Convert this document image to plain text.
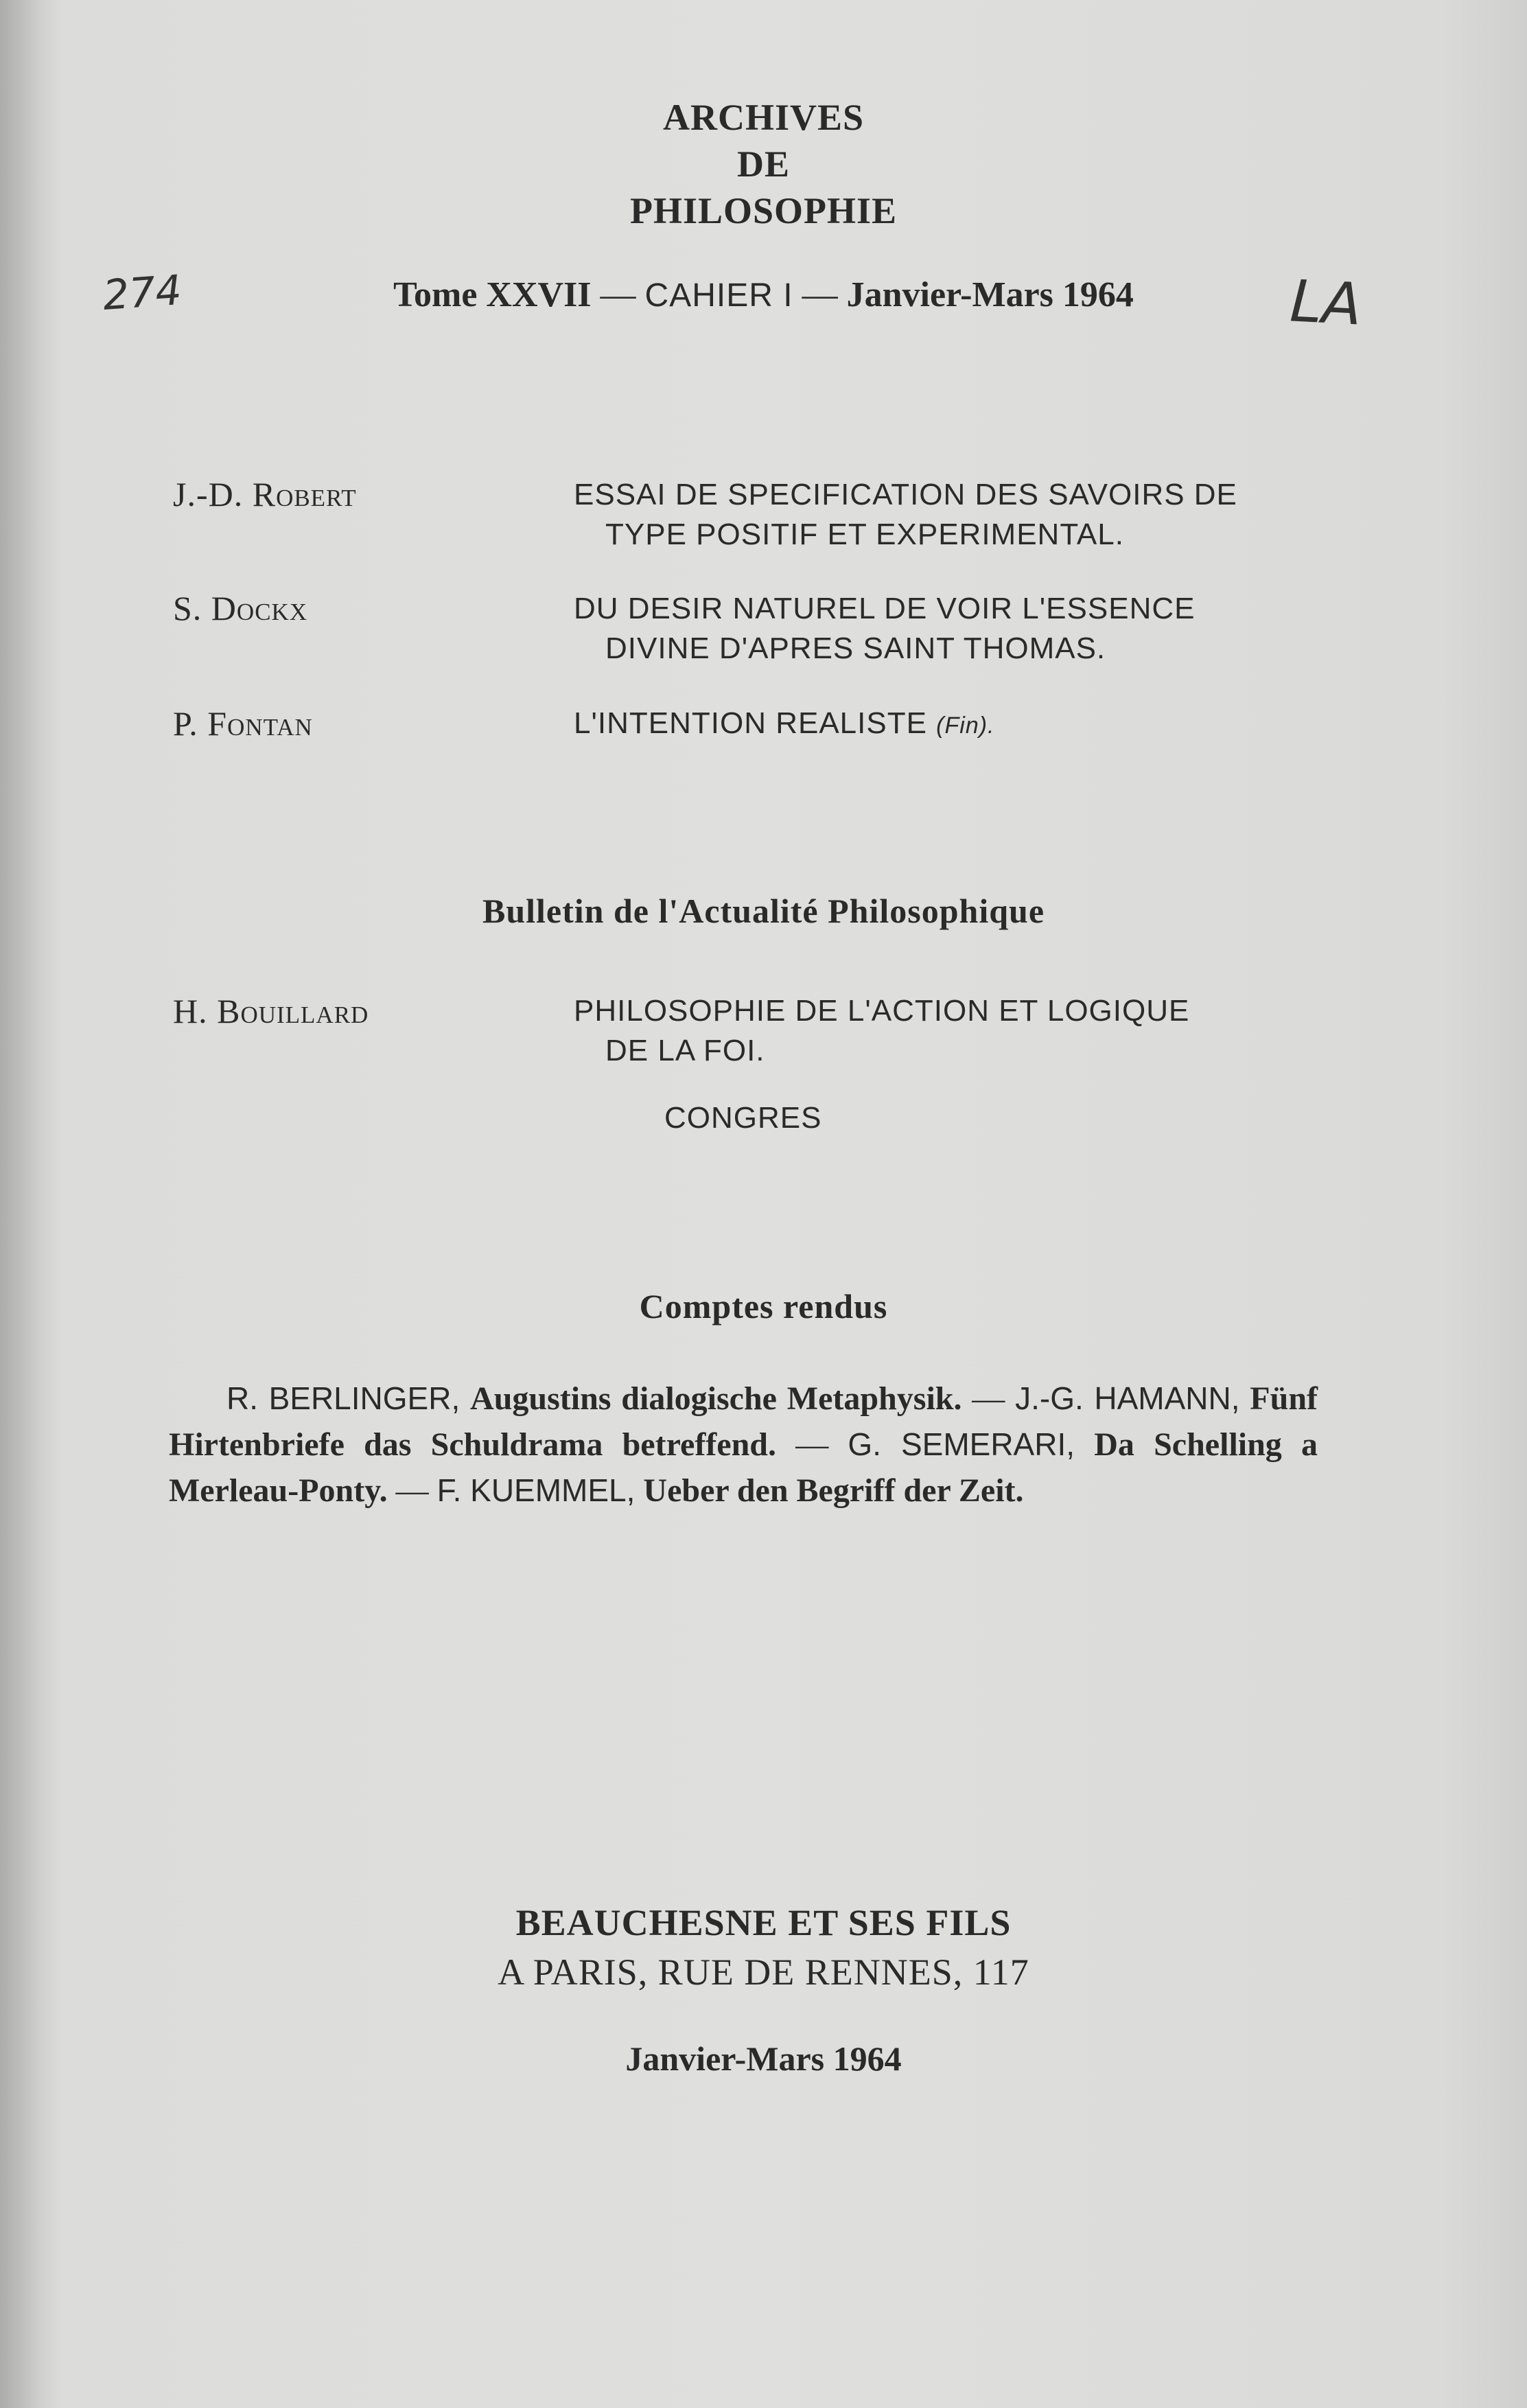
ARCHIVES
DE
PHILOSOPHIE
274	LA
Tome XXVII — CAHIER I — Janvier-Mars 1964
J.-D. Robert	ESSAI DE SPECIFICATION DES SAVOIRS DE
TYPE POSITIF ET EXPERIMENTAL.
S. Dockx	DU DESIR NATUREL DE VOIR L'ESSENCE
DIVINE D'APRES SAINT THOMAS.
P. Fontan	L'INTENTION REALISTE (Fin).
Bulletin de l'Actualité Philosophique
H. Bouillard	PHILOSOPHIE DE L'ACTION ET LOGIQUE
DE LA FOI.
CONGRES
Comptes rendus
R. BERLINGER, Augustins dialogische Metaphysik. — J.-G. HAMANN, Fünf Hirtenbriefe das Schuldrama betreffend. — G. SEMERARI, Da Schelling a Merleau-Ponty. — F. KUEMMEL, Ueber den Begriff der Zeit.
BEAUCHESNE ET SES FILS
A PARIS, RUE DE RENNES, 117
Janvier-Mars 1964
